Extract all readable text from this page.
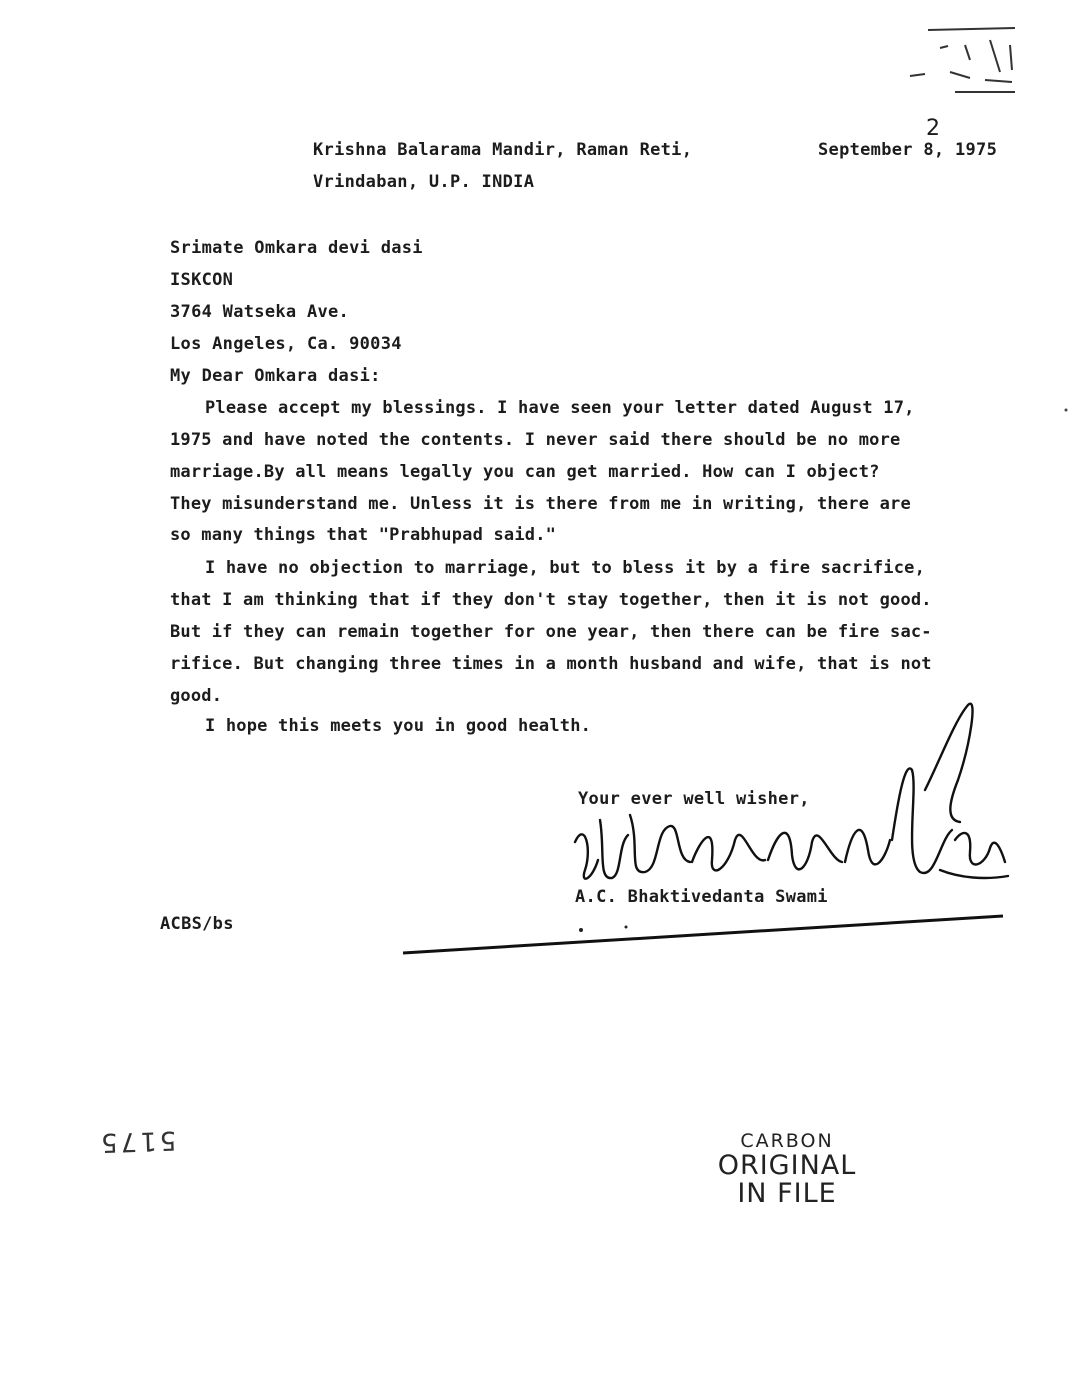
Krishna Balarama Mandir, Raman Reti,
Vrindaban, U.P. INDIA
September 8, 1975
2
Srimate Omkara devi dasi
ISKCON
3764 Watseka Ave.
Los Angeles, Ca. 90034
My Dear Omkara dasi:
Please accept my blessings. I have seen your letter dated August 17,
1975 and have noted the contents. I never said there should be no more
marriage.By all means legally you can get married. How can I object?
They misunderstand me. Unless it is there from me in writing, there are
so many things that "Prabhupad said."
I have no objection to marriage, but to bless it by a fire sacrifice,
that I am thinking that if they don't stay together, then it is not good.
But if they can remain together for one year, then there can be fire sac-
rifice. But changing three times in a month husband and wife, that is not
good.
I hope this meets you in good health.
Your ever well wisher,
A.C. Bhaktivedanta Swami
ACBS/bs
CARBON
ORIGINAL
IN FILE
5175
